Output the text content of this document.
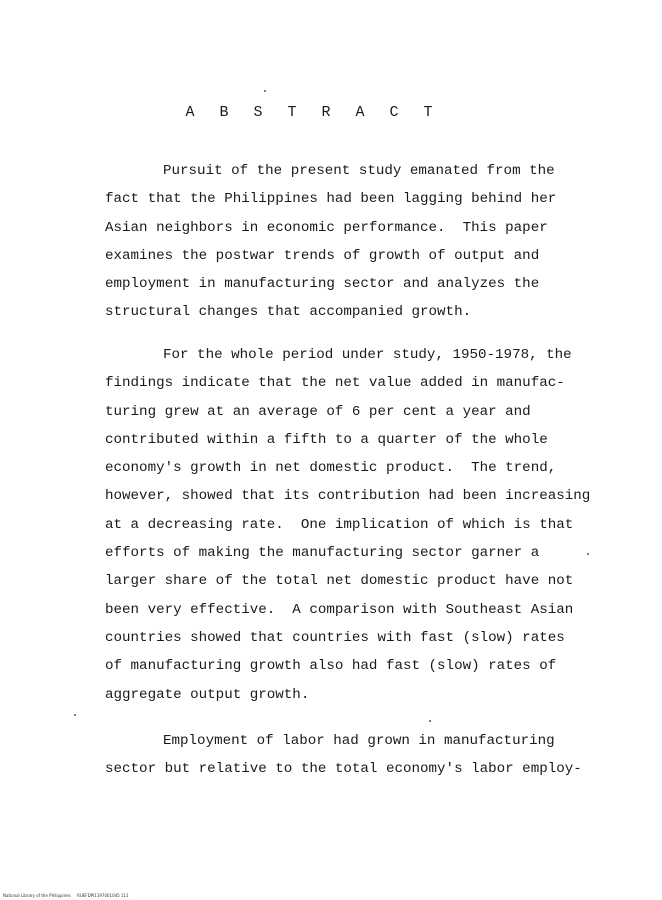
A B S T R A C T
Pursuit of the present study emanated from the
fact that the Philippines had been lagging behind her
Asian neighbors in economic performance.  This paper
examines the postwar trends of growth of output and
employment in manufacturing sector and analyzes the
structural changes that accompanied growth.
For the whole period under study, 1950-1978, the
findings indicate that the net value added in manufac-
turing grew at an average of 6 per cent a year and
contributed within a fifth to a quarter of the whole
economy's growth in net domestic product.  The trend,
however, showed that its contribution had been increasing
at a decreasing rate.  One implication of which is that
efforts of making the manufacturing sector garner a
larger share of the total net domestic product have not
been very effective.  A comparison with Southeast Asian
countries showed that countries with fast (slow) rates
of manufacturing growth also had fast (slow) rates of
aggregate output growth.
Employment of labor had grown in manufacturing
sector but relative to the total economy's labor employ-
National Library of the Philippines     RUEFDPI1197001045 111
